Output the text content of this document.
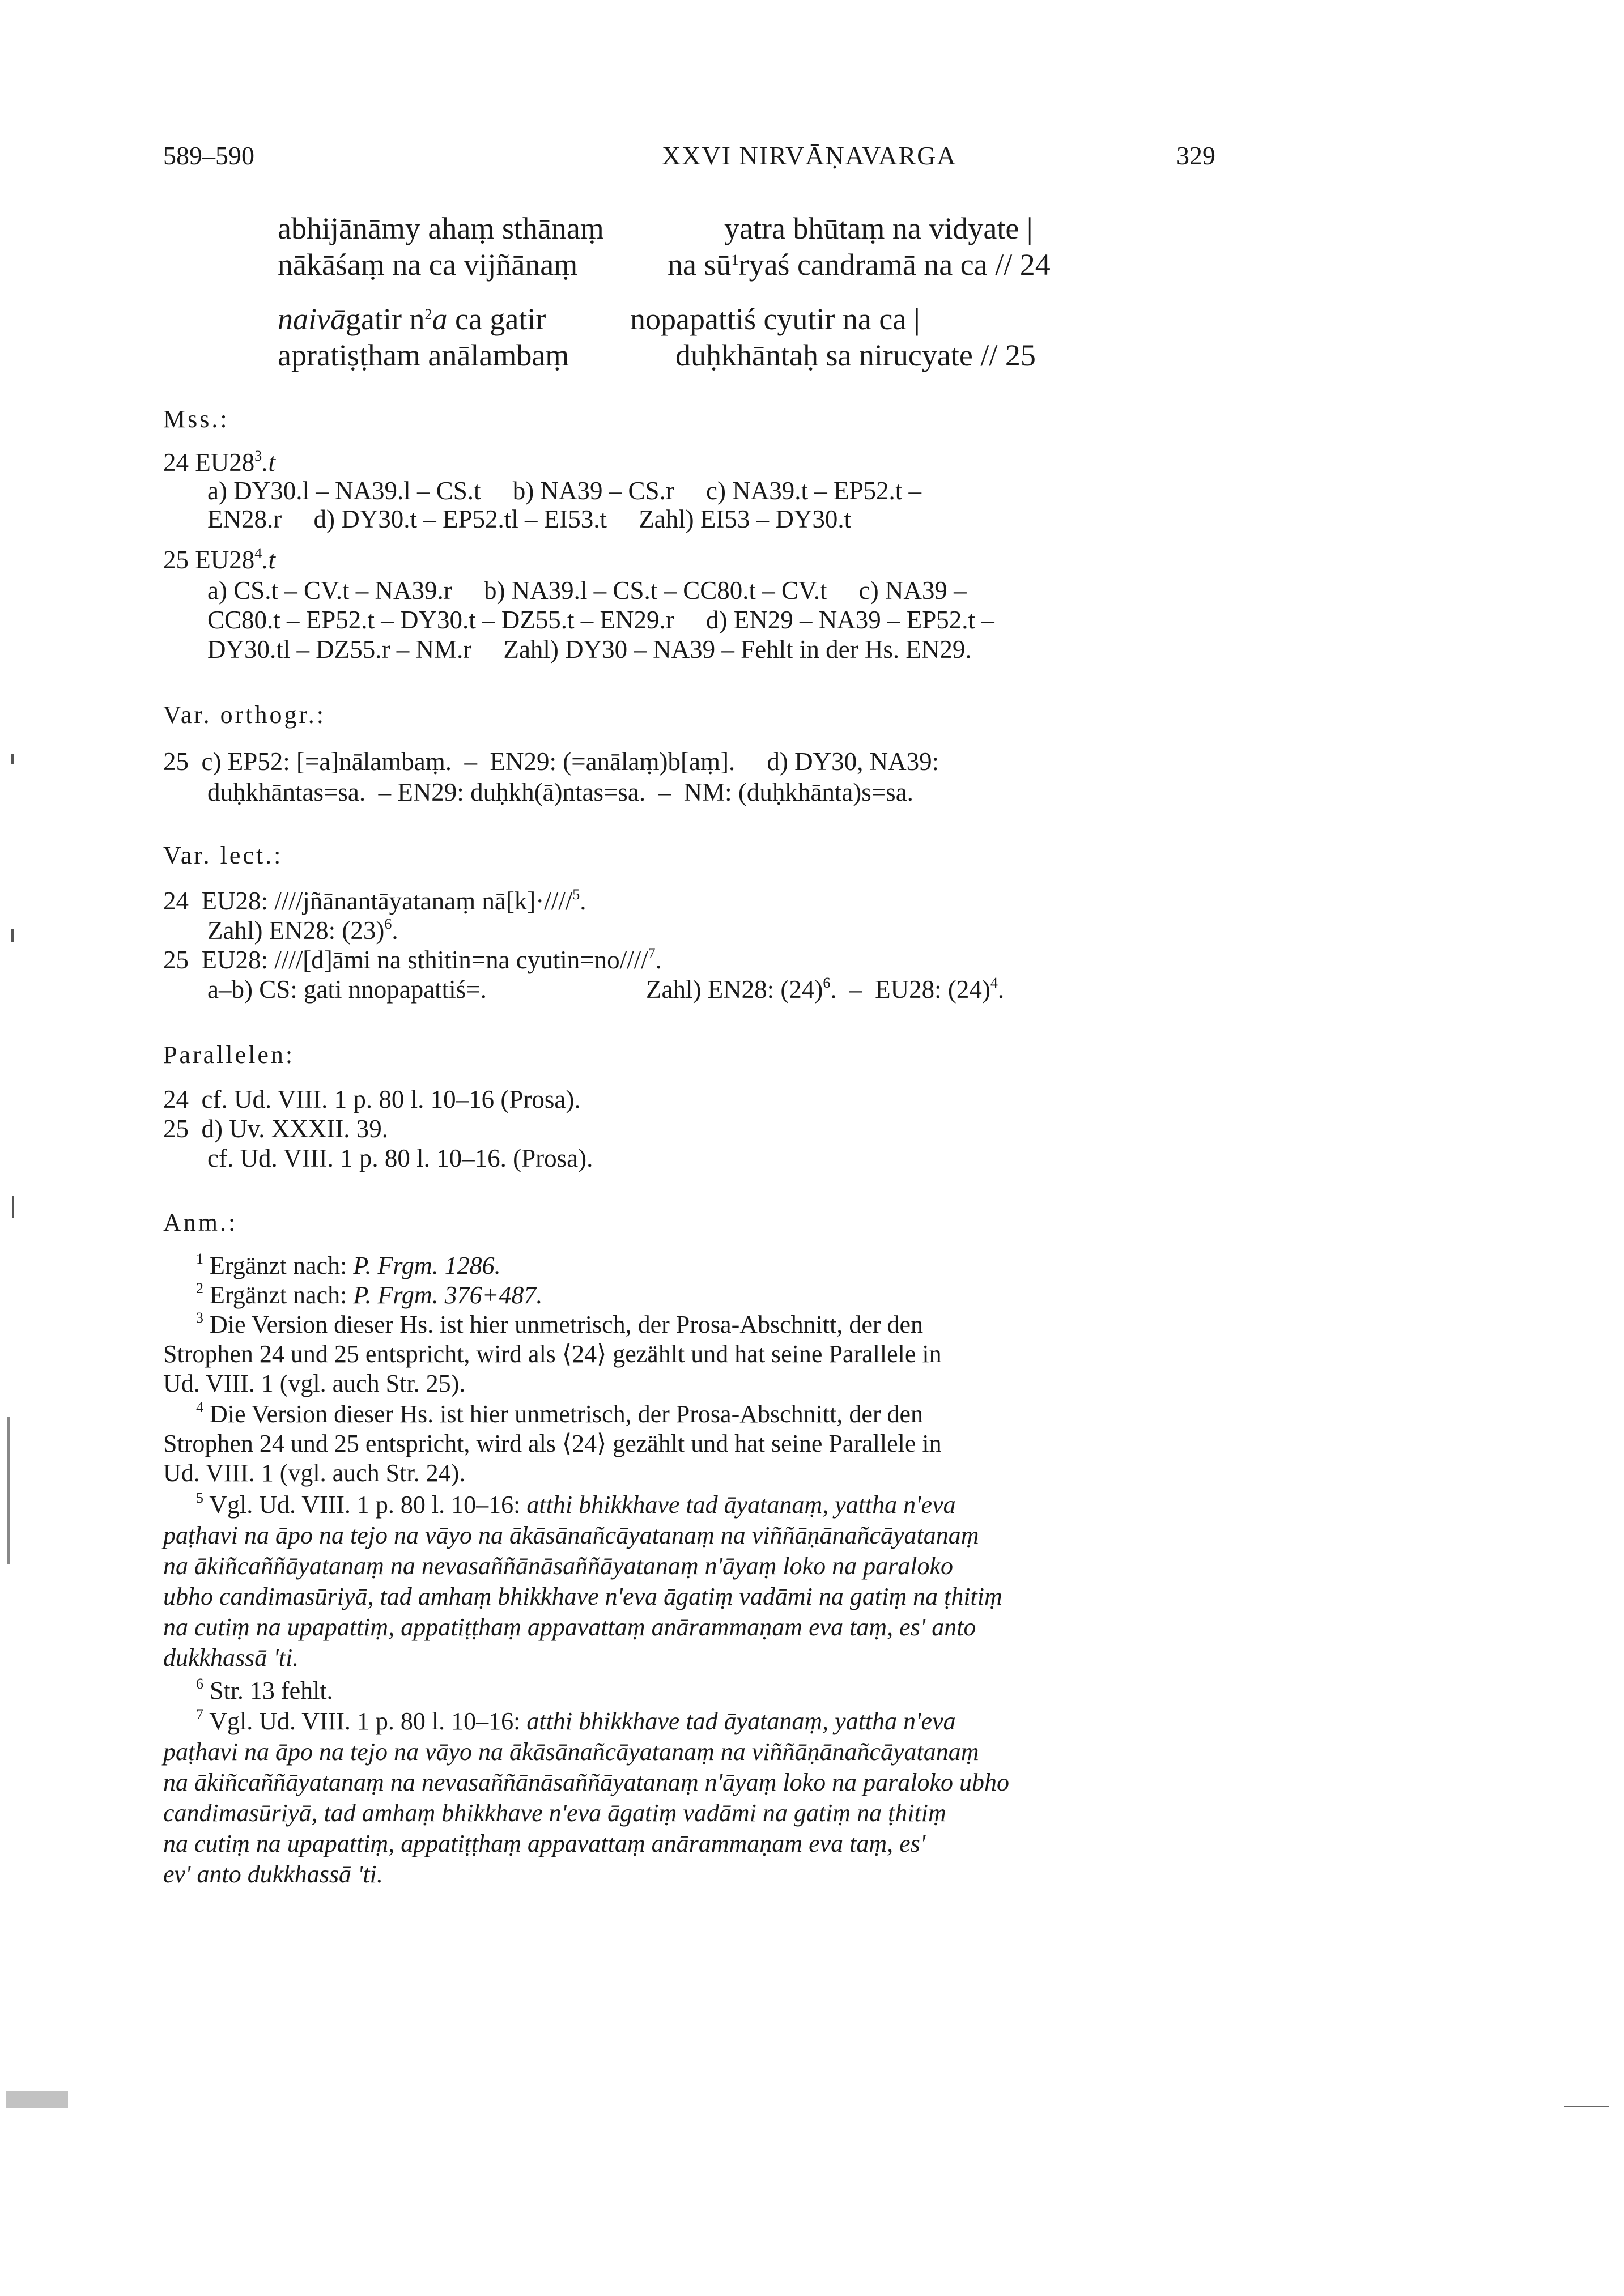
589–590	XXVI NIRVĀṆAVARGA	329
abhijānāmy ahaṃ sthānaṃ	yatra bhūtaṃ na vidyate |
nākāśaṃ na ca vijñānaṃ	na $sū^1ryaś$ candramā na ca // 24
naivāgatir $n^2a$ ca gatir	nopapattiś cyutir na ca |
apratiṣṭham anālambaṃ	duḥkhāntaḥ sa nirucyate // 25
Mss.:
24 $EU28^3.t$
a) DY30.l – NA39.l – CS.t     b) NA39 – CS.r     c) NA39.t – EP52.t –
EN28.r     d) DY30.t – EP52.tl – EI53.t     Zahl) EI53 – DY30.t
25 $EU28^4.t$
a) CS.t – CV.t – NA39.r     b) NA39.l – CS.t – CC80.t – CV.t     c) NA39 –
CC80.t – EP52.t – DY30.t – DZ55.t – EN29.r     d) EN29 – NA39 – EP52.t –
DY30.tl – DZ55.r – NM.r     Zahl) DY30 – NA39 – Fehlt in der Hs. EN29.
Var. orthogr.:
25  c) EP52: [=a]nālambaṃ.  –  EN29: (=anālaṃ)b[aṃ].     d) DY30, NA39:
duḥkhāntas=sa.  – EN29: duḥkh(ā)ntas=sa.  –  NM: (duḥkhānta)s=sa.
Var. lect.:
24  EU28: ////jñānantāyatanaṃ nā[k]·////$^5$.
Zahl) EN28: $(23)^6$.
25  EU28: ////[d]āmi na sthitin=na cyutin=no////$^7$.
a–b) CS: gati nnopapattiś=.	Zahl) EN28: $(24)^6$.  –  EU28: $(24)^4$.
Parallelen:
24  cf. Ud. VIII. 1 p. 80 l. 10–16 (Prosa).
25  d) Uv. XXXII. 39.
cf. Ud. VIII. 1 p. 80 l. 10–16. (Prosa).
Anm.:
$^1$ Ergänzt nach: P. Frgm. 1286.
$^2$ Ergänzt nach: P. Frgm. 376+487.
$^3$ Die Version dieser Hs. ist hier unmetrisch, der Prosa-Abschnitt, der den
Strophen 24 und 25 entspricht, wird als ⟨24⟩ gezählt und hat seine Parallele in
Ud. VIII. 1 (vgl. auch Str. 25).
$^4$ Die Version dieser Hs. ist hier unmetrisch, der Prosa-Abschnitt, der den
Strophen 24 und 25 entspricht, wird als ⟨24⟩ gezählt und hat seine Parallele in
Ud. VIII. 1 (vgl. auch Str. 24).
$^5$ Vgl. Ud. VIII. 1 p. 80 l. 10–16: atthi bhikkhave tad āyatanaṃ, yattha n'eva
paṭhavi na āpo na tejo na vāyo na ākāsānañcāyatanaṃ na viññāṇānañcāyatanaṃ
na ākiñcaññāyatanaṃ na nevasaññānāsaññāyatanaṃ n'āyaṃ loko na paraloko
ubho candimasūriyā, tad amhaṃ bhikkhave n'eva āgatiṃ vadāmi na gatiṃ na ṭhitiṃ
na cutiṃ na upapattiṃ, appatiṭṭhaṃ appavattaṃ anārammaṇam eva taṃ, es' anto
dukkhassā 'ti.
$^6$ Str. 13 fehlt.
$^7$ Vgl. Ud. VIII. 1 p. 80 l. 10–16: atthi bhikkhave tad āyatanaṃ, yattha n'eva
paṭhavi na āpo na tejo na vāyo na ākāsānañcāyatanaṃ na viññāṇānañcāyatanaṃ
na ākiñcaññāyatanaṃ na nevasaññānāsaññāyatanaṃ n'āyaṃ loko na paraloko ubho
candimasūriyā, tad amhaṃ bhikkhave n'eva āgatiṃ vadāmi na gatiṃ na ṭhitiṃ
na cutiṃ na upapattiṃ, appatiṭṭhaṃ appavattaṃ anārammaṇam eva taṃ, es'
ev' anto dukkhassā 'ti.
